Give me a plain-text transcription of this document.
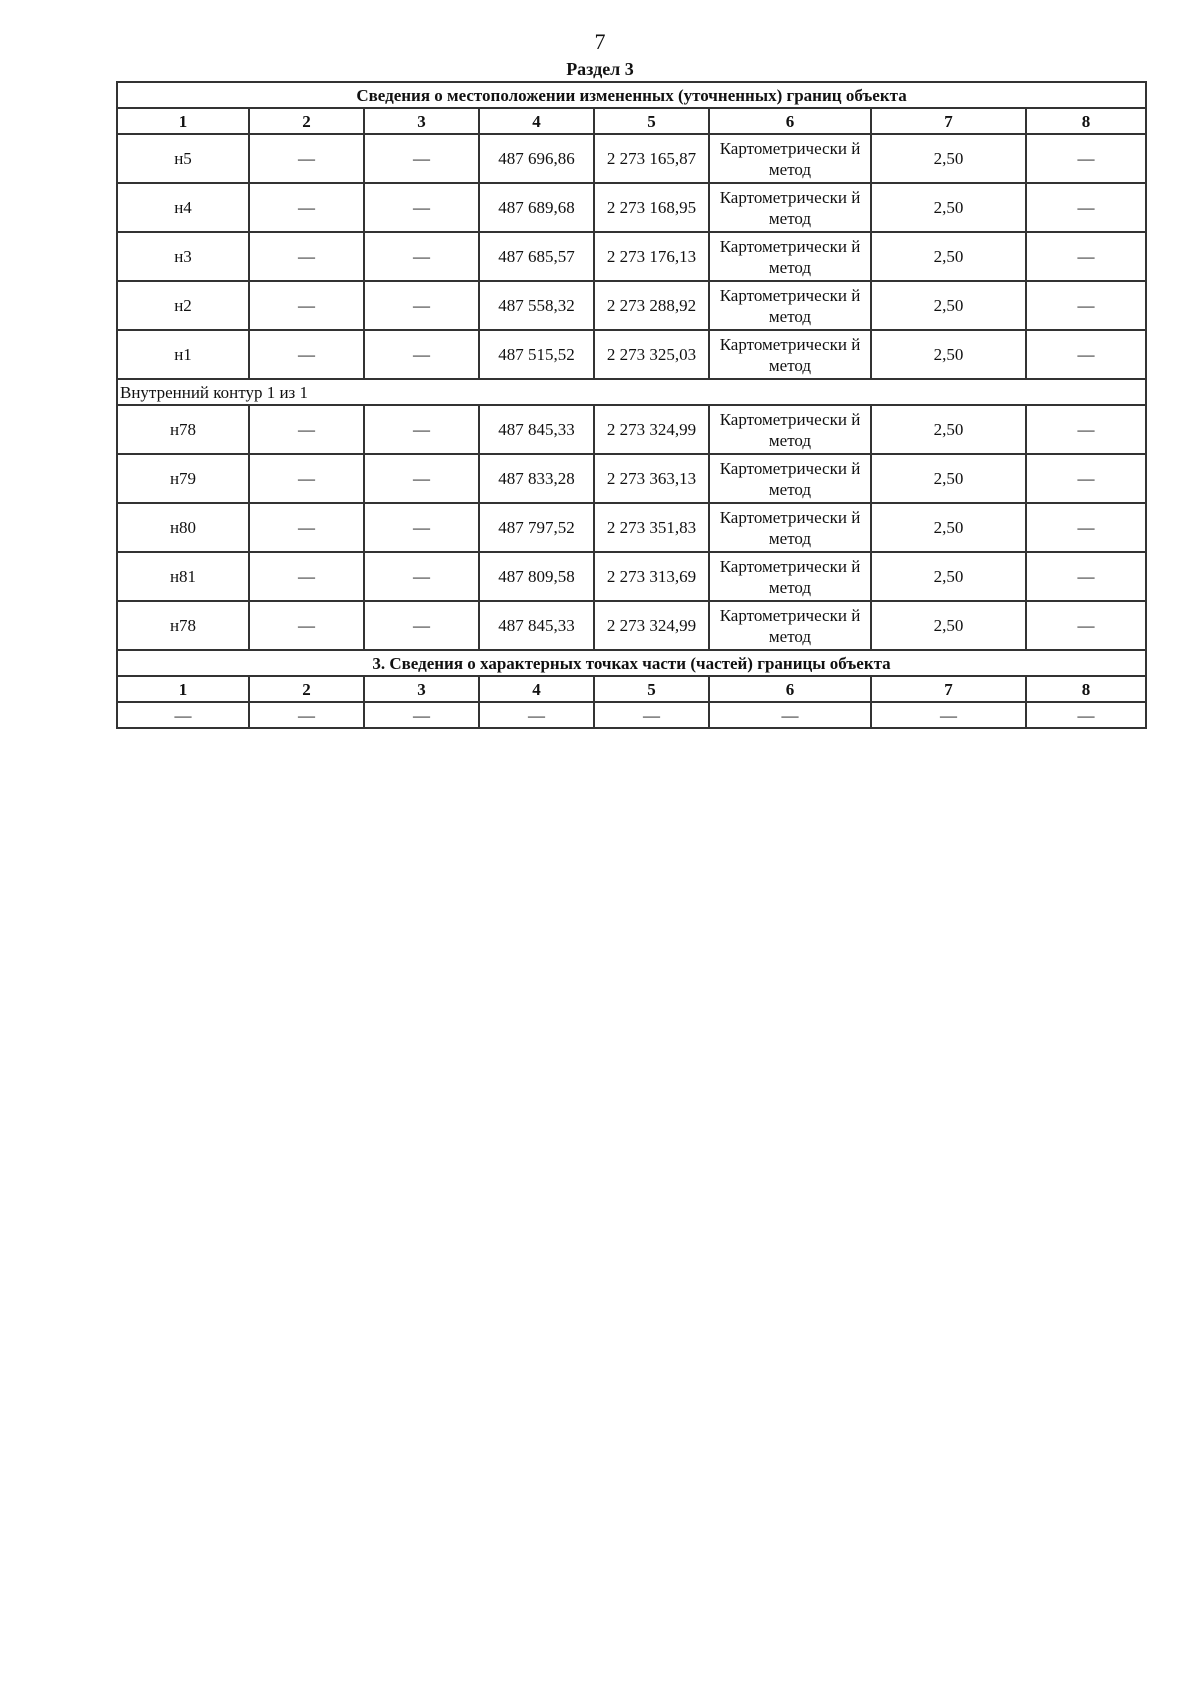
7
Раздел 3
Сведения о местоположении измененных (уточненных) границ объекта							
1	2	3	4	5	6	7	8
н5	—	—	487 696,86	2 273 165,87	Картометрически й метод	2,50	—
н4	—	—	487 689,68	2 273 168,95	Картометрически й метод	2,50	—
н3	—	—	487 685,57	2 273 176,13	Картометрически й метод	2,50	—
н2	—	—	487 558,32	2 273 288,92	Картометрически й метод	2,50	—
н1	—	—	487 515,52	2 273 325,03	Картометрически й метод	2,50	—
Внутренний контур 1 из 1							
н78	—	—	487 845,33	2 273 324,99	Картометрически й метод	2,50	—
н79	—	—	487 833,28	2 273 363,13	Картометрически й метод	2,50	—
н80	—	—	487 797,52	2 273 351,83	Картометрически й метод	2,50	—
н81	—	—	487 809,58	2 273 313,69	Картометрически й метод	2,50	—
н78	—	—	487 845,33	2 273 324,99	Картометрически й метод	2,50	—
3. Сведения о характерных точках части (частей) границы объекта							
1	2	3	4	5	6	7	8
—	—	—	—	—	—	—	—
